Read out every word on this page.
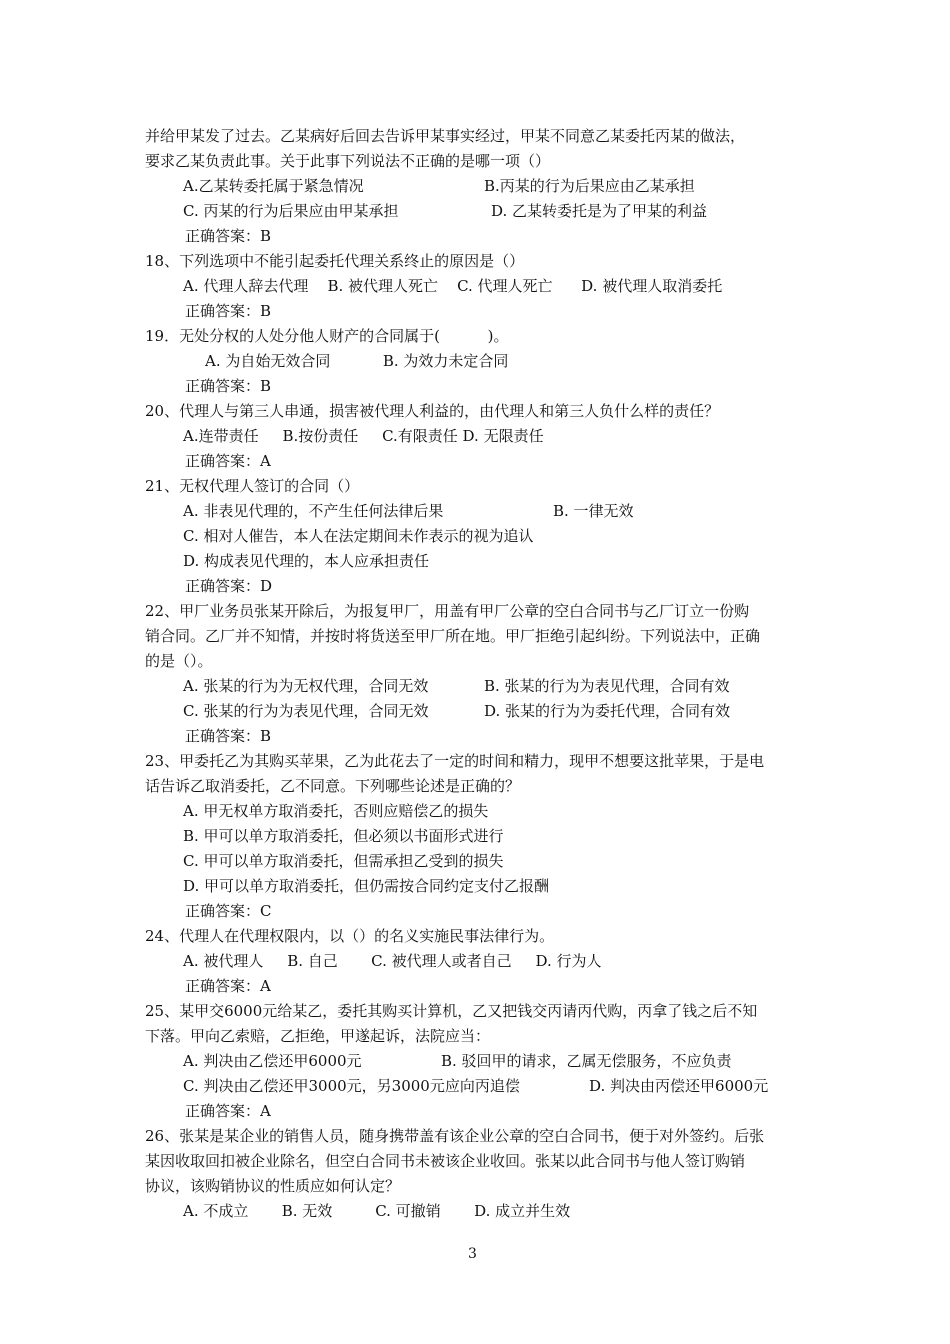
并给甲某发了过去。乙某病好后回去告诉甲某事实经过，甲某不同意乙某委托丙某的做法，
要求乙某负责此事。关于此事下列说法不正确的是哪一项（）
A.乙某转委托属于紧急情况	B.丙某的行为后果应由乙某承担
C. 丙某的行为后果应由甲某承担	D. 乙某转委托是为了甲某的利益
正确答案：B
18、下列选项中不能引起委托代理关系终止的原因是（）
A. 代理人辞去代理    B. 被代理人死亡    C. 代理人死亡      D. 被代理人取消委托
正确答案：B
19．无处分权的人处分他人财产的合同属于(          )。
A. 为自始无效合同           B. 为效力未定合同
正确答案：B
20、代理人与第三人串通，损害被代理人利益的，由代理人和第三人负什么样的责任？
A.连带责任     B.按份责任     C.有限责任 D. 无限责任
正确答案：A
21、无权代理人签订的合同（）
A. 非表见代理的，不产生任何法律后果	B. 一律无效
C. 相对人催告，本人在法定期间未作表示的视为追认
D. 构成表见代理的，本人应承担责任
正确答案：D
22、甲厂业务员张某开除后，为报复甲厂，用盖有甲厂公章的空白合同书与乙厂订立一份购
销合同。乙厂并不知情，并按时将货送至甲厂所在地。甲厂拒绝引起纠纷。下列说法中，正确
的是（）。
A. 张某的行为为无权代理，合同无效	B. 张某的行为为表见代理，合同有效
C. 张某的行为为表见代理，合同无效	D. 张某的行为为委托代理，合同有效
正确答案：B
23、甲委托乙为其购买苹果，乙为此花去了一定的时间和精力，现甲不想要这批苹果，于是电
话告诉乙取消委托，乙不同意。下列哪些论述是正确的？
A. 甲无权单方取消委托，否则应赔偿乙的损失
B. 甲可以单方取消委托，但必须以书面形式进行
C. 甲可以单方取消委托，但需承担乙受到的损失
D. 甲可以单方取消委托，但仍需按合同约定支付乙报酬
正确答案：C
24、代理人在代理权限内，以（）的名义实施民事法律行为。
A. 被代理人     B. 自己       C. 被代理人或者自己     D. 行为人
正确答案：A
25、某甲交6000元给某乙，委托其购买计算机，乙又把钱交丙请丙代购，丙拿了钱之后不知
下落。甲向乙索赔，乙拒绝，甲遂起诉，法院应当：
A. 判决由乙偿还甲6000元	B. 驳回甲的请求，乙属无偿服务，不应负责
C. 判决由乙偿还甲3000元，另3000元应向丙追偿	D. 判决由丙偿还甲6000元
正确答案：A
26、张某是某企业的销售人员，随身携带盖有该企业公章的空白合同书，便于对外签约。后张
某因收取回扣被企业除名，但空白合同书未被该企业收回。张某以此合同书与他人签订购销
协议，该购销协议的性质应如何认定？
A. 不成立       B. 无效         C. 可撤销       D. 成立并生效
3
